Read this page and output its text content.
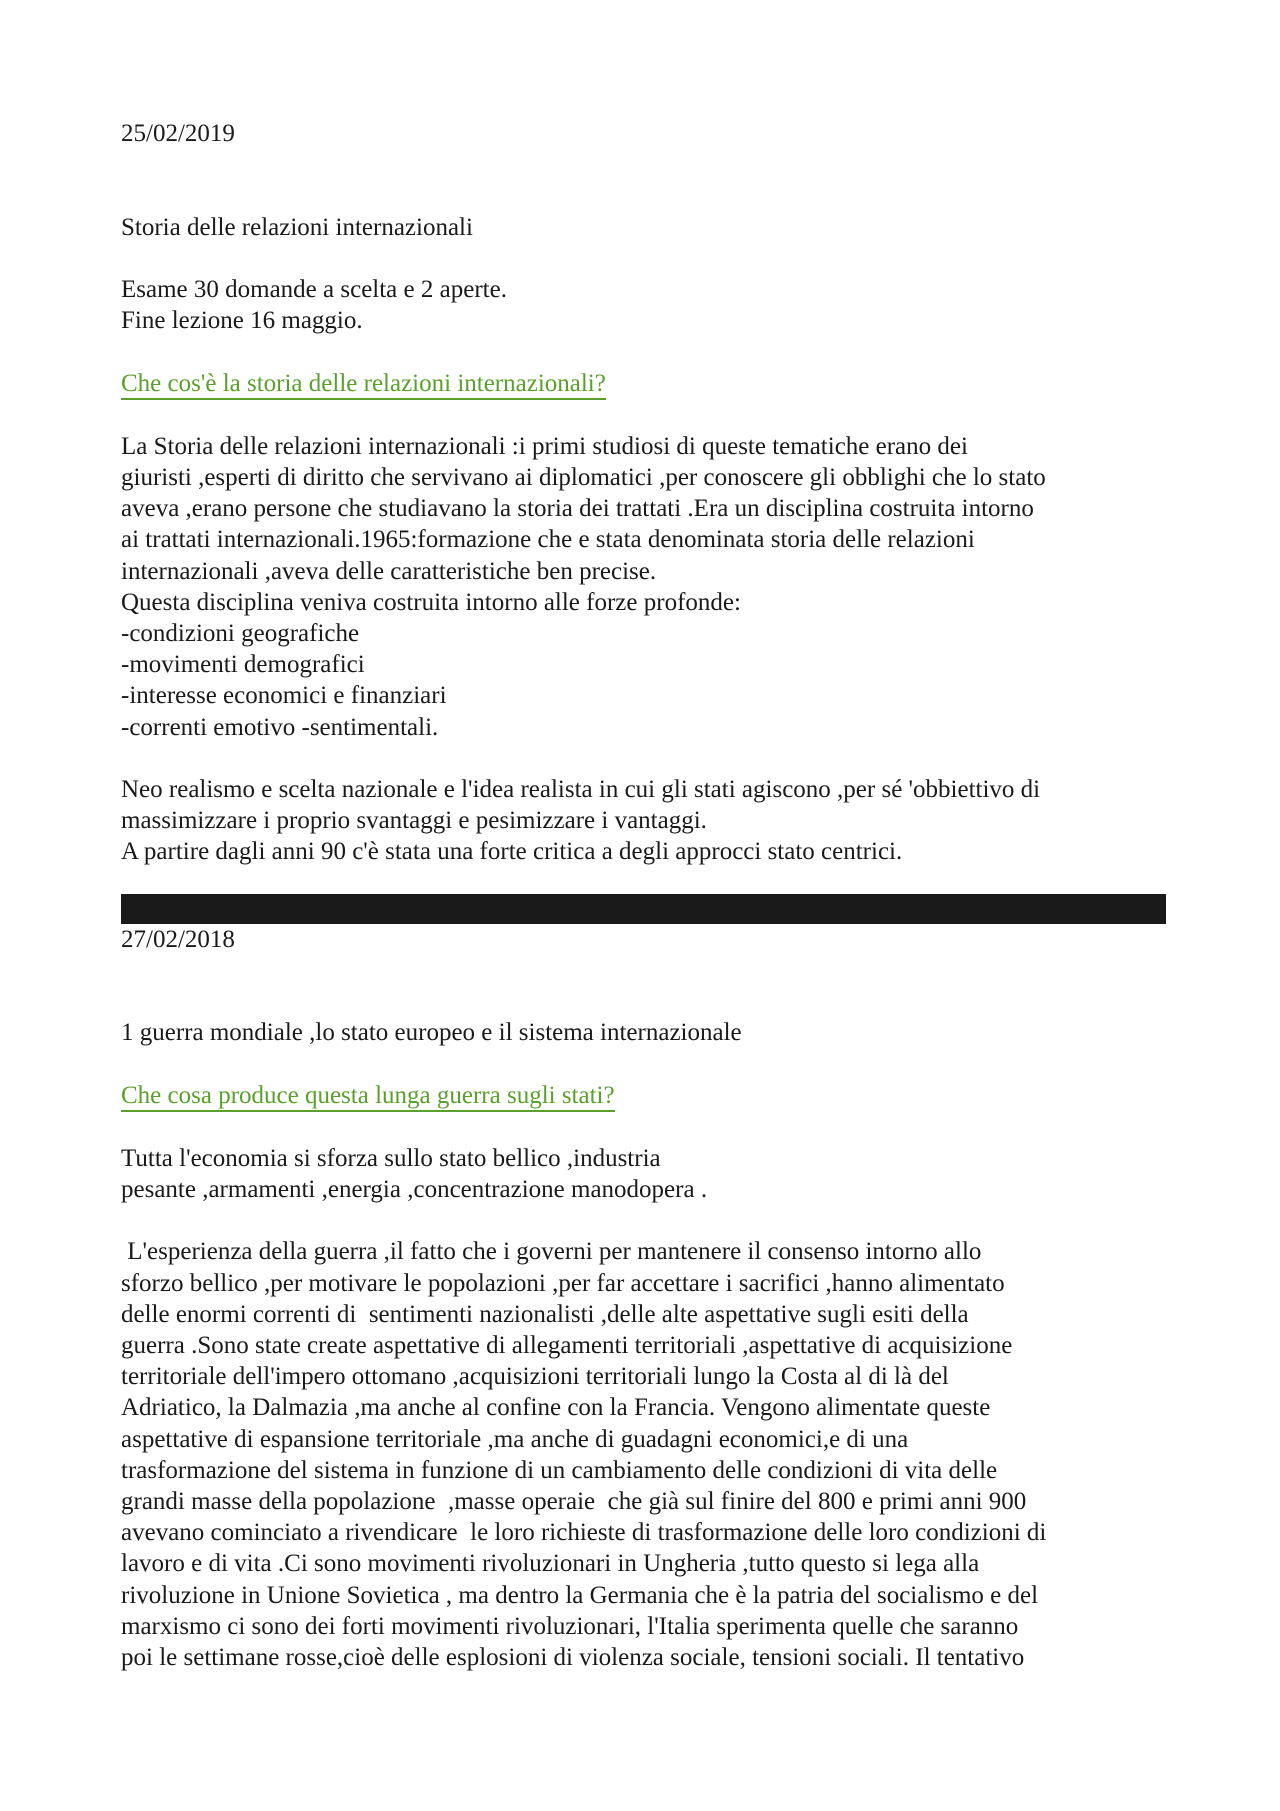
25/02/2019
Storia delle relazioni internazionali
Esame 30 domande a scelta e 2 aperte.
Fine lezione 16 maggio.
Che cos'è la storia delle relazioni internazionali?
La Storia delle relazioni internazionali :i primi studiosi di queste tematiche erano dei
giuristi ,esperti di diritto che servivano ai diplomatici ,per conoscere gli obblighi che lo stato
aveva ,erano persone che studiavano la storia dei trattati .Era un disciplina costruita intorno
ai trattati internazionali.1965:formazione che e stata denominata storia delle relazioni
internazionali ,aveva delle caratteristiche ben precise.
Questa disciplina veniva costruita intorno alle forze profonde:
-condizioni geografiche
-movimenti demografici
-interesse economici e finanziari
-correnti emotivo -sentimentali.
Neo realismo e scelta nazionale e l'idea realista in cui gli stati agiscono ,per sé 'obbiettivo di
massimizzare i proprio svantaggi e pesimizzare i vantaggi.
A partire dagli anni 90 c'è stata una forte critica a degli approcci stato centrici.
27/02/2018
1 guerra mondiale ,lo stato europeo e il sistema internazionale
Che cosa produce questa lunga guerra sugli stati?
Tutta l'economia si sforza sullo stato bellico ,industria
pesante ,armamenti ,energia ,concentrazione manodopera .
L'esperienza della guerra ,il fatto che i governi per mantenere il consenso intorno allo
sforzo bellico ,per motivare le popolazioni ,per far accettare i sacrifici ,hanno alimentato
delle enormi correnti di  sentimenti nazionalisti ,delle alte aspettative sugli esiti della
guerra .Sono state create aspettative di allegamenti territoriali ,aspettative di acquisizione
territoriale dell'impero ottomano ,acquisizioni territoriali lungo la Costa al di là del
Adriatico, la Dalmazia ,ma anche al confine con la Francia. Vengono alimentate queste
aspettative di espansione territoriale ,ma anche di guadagni economici,e di una
trasformazione del sistema in funzione di un cambiamento delle condizioni di vita delle
grandi masse della popolazione  ,masse operaie  che già sul finire del 800 e primi anni 900
avevano cominciato a rivendicare  le loro richieste di trasformazione delle loro condizioni di
lavoro e di vita .Ci sono movimenti rivoluzionari in Ungheria ,tutto questo si lega alla
rivoluzione in Unione Sovietica , ma dentro la Germania che è la patria del socialismo e del
marxismo ci sono dei forti movimenti rivoluzionari, l'Italia sperimenta quelle che saranno
poi le settimane rosse,cioè delle esplosioni di violenza sociale, tensioni sociali. Il tentativo
